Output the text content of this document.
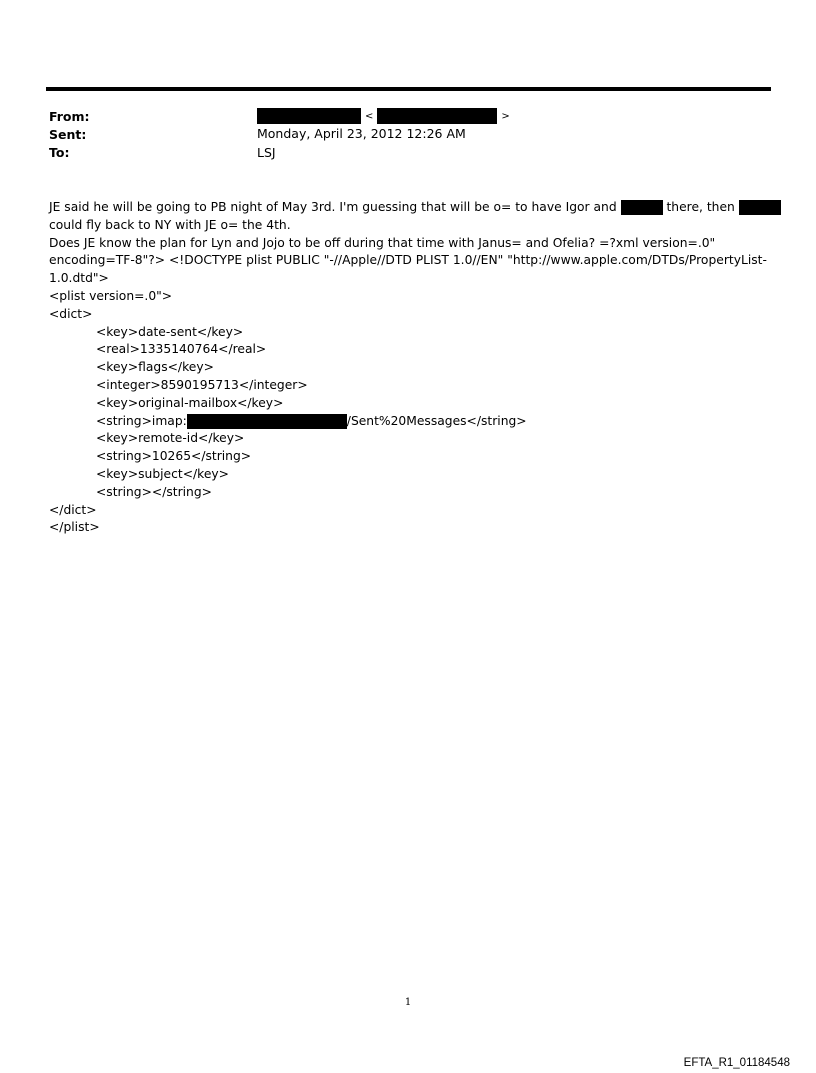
From:	<	>
Sent:	Monday, April 23, 2012 12:26 AM
To:	LSJ
JE said he will be going to PB night of May 3rd. I'm guessing that will be o= to have Igor and	there, then
could fly back to NY with JE o= the 4th.
Does JE know the plan for Lyn and Jojo to be off during that time with Janus= and Ofelia? =?xml version=.0"
encoding=TF-8"?> <!DOCTYPE plist PUBLIC "-//Apple//DTD PLIST 1.0//EN" "http://www.apple.com/DTDs/PropertyList-
1.0.dtd">
<plist version=.0">
<dict>
<key>date-sent</key>
<real>1335140764</real>
<key>flags</key>
<integer>8590195713</integer>
<key>original-mailbox</key>
<string>imap:	/Sent%20Messages</string>
<key>remote-id</key>
<string>10265</string>
<key>subject</key>
<string></string>
</dict>
</plist>
1
EFTA_R1_01184548
